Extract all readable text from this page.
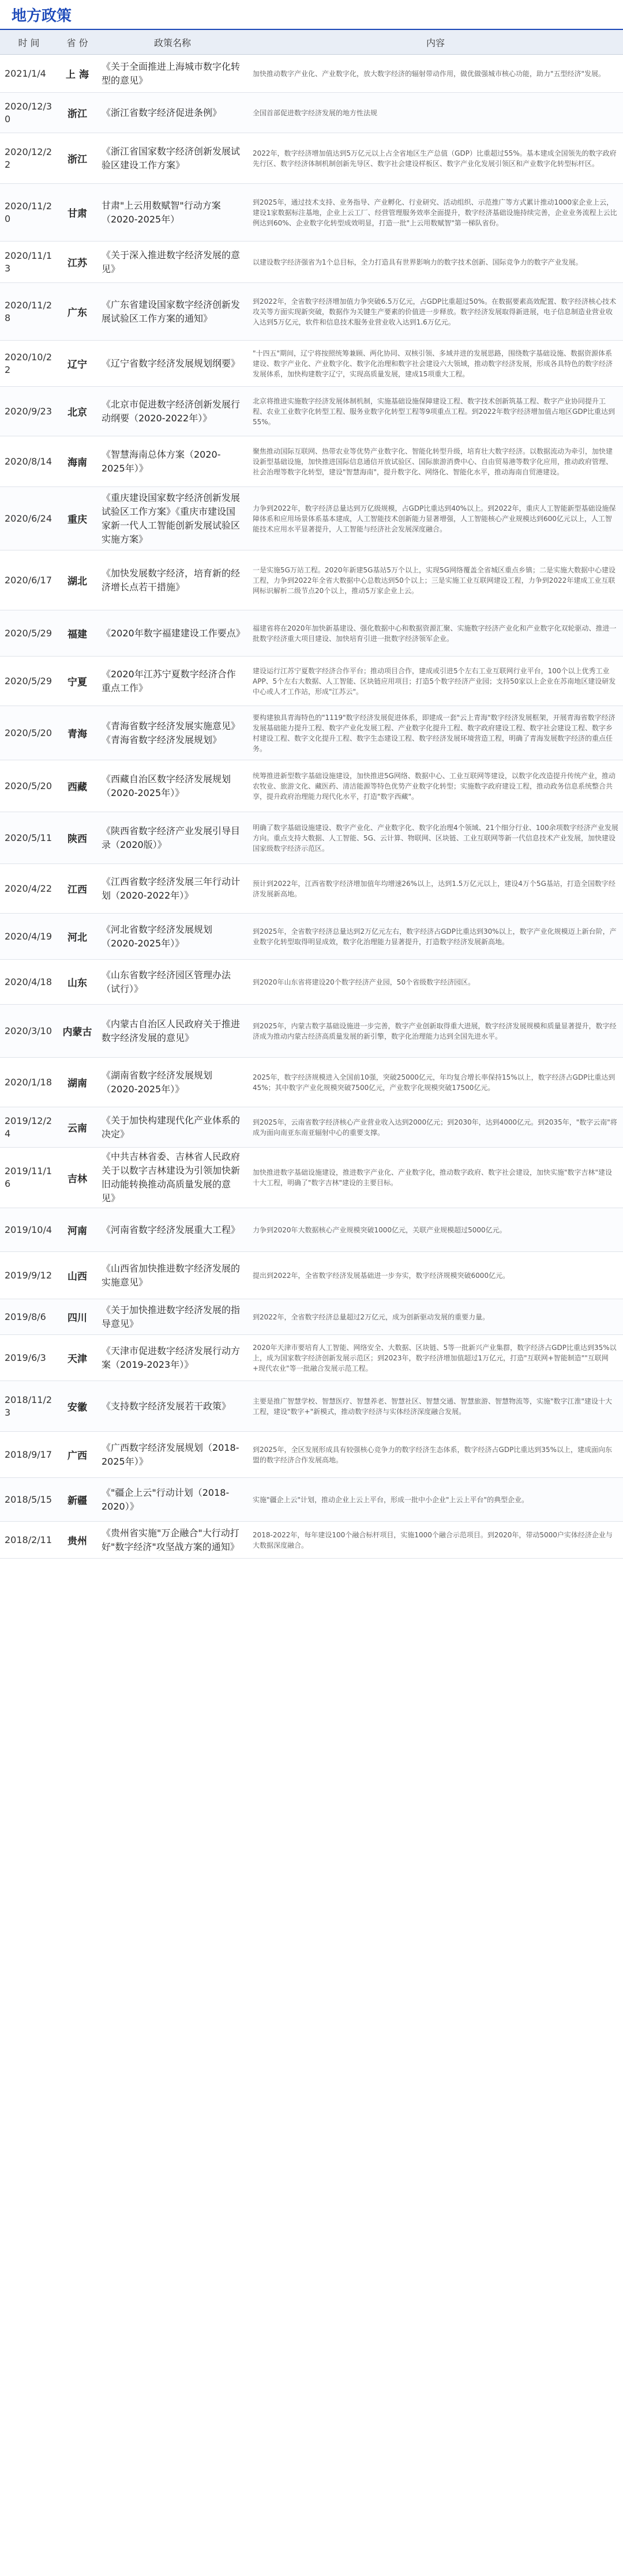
地方政策
时 间	省 份	政策名称	内容
2021/1/4	上 海	《关于全面推进上海城市数字化转型的意见》	加快推动数字产业化、产业数字化，放大数字经济的辐射带动作用，做优做强城市核心功能，助力"五型经济"发展。
2020/12/30	浙江	《浙江省数字经济促进条例》	全国首部促进数字经济发展的地方性法规
2020/12/22	浙江	《浙江省国家数字经济创新发展试验区建设工作方案》	2022年，数字经济增加值达到5万亿元以上占全省地区生产总值（GDP）比重超过55%。基本建成全国领先的数字政府先行区、数字经济体制机制创新先导区、数字社会建设样板区、数字产业化发展引领区和产业数字化转型标杆区。
2020/11/20	甘肃	甘肃"上云用数赋智"行动方案（2020-2025年）	到2025年，通过技术支持、业务指导、产业孵化、行业研究、活动组织、示范推广等方式累计推动1000家企业上云，建设1家数据标注基地，企业上云工厂、经营管理服务效率全面提升，数字经济基础设施持续完善，企业业务流程上云比例达到60%、企业数字化转型成效明显，打造一批"上云用数赋智"第一梯队省份。
2020/11/13	江苏	《关于深入推进数字经济发展的意见》	以建设数字经济强省为1个总目标，全力打造具有世界影响力的数字技术创新、国际竞争力的数字产业发展。
2020/11/28	广东	《广东省建设国家数字经济创新发展试验区工作方案的通知》	到2022年，全省数字经济增加值力争突破6.5万亿元，占GDP比重超过50%。在数据要素高效配置、数字经济核心技术攻关等方面实现新突破，数据作为关键生产要素的价值进一步释放。数字经济发展取得新进展，电子信息制造业营业收入达到5万亿元，软件和信息技术服务业营业收入达到1.6万亿元。
2020/10/22	辽宁	《辽宁省数字经济发展规划纲要》	"十四五"期间，辽宁将按照统筹兼顾、两化协同、双核引领、多域并进的发展思路，围绕数字基础设施、数据资源体系建设、数字产业化、产业数字化、数字化治理和数字社会建设六大领域，推动数字经济发展，形成各具特色的数字经济发展体系，加快构建数字辽宁，实现高质量发展，建成15项重大工程。
2020/9/23	北京	《北京市促进数字经济创新发展行动纲要（2020-2022年）》	北京将推进实施数字经济发展体制机制，实施基础设施保障建设工程、数字技术创新筑基工程、数字产业协同提升工程、农业工业数字化转型工程、服务业数字化转型工程等9项重点工程。到2022年数字经济增加值占地区GDP比重达到55%。
2020/8/14	海南	《智慧海南总体方案（2020-2025年）》	聚焦推动国际互联网、热带农业等优势产业数字化、智能化转型升级，培育壮大数字经济。以数据流动为牵引，加快建设新型基础设施，加快推进国际信息通信开放试验区、国际旅游消费中心、自由贸易港等数字化应用，推动政府管理、社会治理等数字化转型，建设"智慧海南"，提升数字化、网络化、智能化水平，推动海南自贸港建设。
2020/6/24	重庆	《重庆建设国家数字经济创新发展试验区工作方案》《重庆市建设国家新一代人工智能创新发展试验区实施方案》	力争到2022年，数字经济总量达到万亿级规模，占GDP比重达到40%以上。到2022年，重庆人工智能新型基础设施保障体系和应用场景体系基本建成，人工智能技术创新能力显著增强，人工智能核心产业规模达到600亿元以上，人工智能技术应用水平显著提升，人工智能与经济社会发展深度融合。
2020/6/17	湖北	《加快发展数字经济，培育新的经济增长点若干措施》	一是实施5G万站工程。2020年新建5G基站5万个以上，实现5G网络覆盖全省城区重点乡镇；二是实施大数据中心建设工程，力争到2022年全省大数据中心总数达到50个以上；三是实施工业互联网建设工程，力争到2022年建成工业互联网标识解析二级节点20个以上，推动5万家企业上云。
2020/5/29	福建	《2020年数字福建建设工作要点》	福建省将在2020年加快新基建设、强化数据中心和数据资源汇聚、实施数字经济产业化和产业数字化双轮驱动、推进一批数字经济重大项目建设、加快培育引进一批数字经济领军企业。
2020/5/29	宁夏	《2020年江苏宁夏数字经济合作重点工作》	建设运行江苏宁夏数字经济合作平台；推动项目合作，建成或引进5个左右工业互联网行业平台，100个以上优秀工业APP、5个左右大数据、人工智能、区块链应用项目；打造5个数字经济产业园；支持50家以上企业在苏南地区建设研发中心或人才工作站，形成"江苏云"。
2020/5/20	青海	《青海省数字经济发展实施意见》《青海省数字经济发展规划》	要构建独具青海特色的"1119"数字经济发展促进体系，即建成一套"云上青海"数字经济发展框架，开展青海省数字经济发展基础能力提升工程、数字产业化发展工程、产业数字化提升工程、数字政府建设工程、数字社会建设工程、数字乡村建设工程、数字文化提升工程、数字生态建设工程、数字经济发展环境营造工程，明确了青海发展数字经济的重点任务。
2020/5/20	西藏	《西藏自治区数字经济发展规划（2020-2025年）》	统筹推进新型数字基础设施建设，加快推进5G网络、数据中心、工业互联网等建设，以数字化改造提升传统产业，推动农牧业、旅游文化、藏医药、清洁能源等特色优势产业数字化转型；实施数字政府建设工程，推动政务信息系统整合共享，提升政府治理能力现代化水平，打造"数字西藏"。
2020/5/11	陕西	《陕西省数字经济产业发展引导目录（2020版）》	明确了数字基础设施建设、数字产业化、产业数字化、数字化治理4个领域、21个细分行业、100余项数字经济产业发展方向。重点支持大数据、人工智能、5G、云计算、物联网、区块链、工业互联网等新一代信息技术产业发展，加快建设国家级数字经济示范区。
2020/4/22	江西	《江西省数字经济发展三年行动计划（2020-2022年）》	预计到2022年，江西省数字经济增加值年均增速26%以上，达到1.5万亿元以上，建设4万个5G基站，打造全国数字经济发展新高地。
2020/4/19	河北	《河北省数字经济发展规划（2020-2025年）》	到2025年，全省数字经济总量达到2万亿元左右，数字经济占GDP比重达到30%以上，数字产业化规模迈上新台阶，产业数字化转型取得明显成效，数字化治理能力显著提升，打造数字经济发展新高地。
2020/4/18	山东	《山东省数字经济园区管理办法（试行）》	到2020年山东省将建设20个数字经济产业园，50个省级数字经济园区。
2020/3/10	内蒙古	《内蒙古自治区人民政府关于推进数字经济发展的意见》	到2025年，内蒙古数字基础设施进一步完善，数字产业创新取得重大进展，数字经济发展规模和质量显著提升，数字经济成为推动内蒙古经济高质量发展的新引擎，数字化治理能力达到全国先进水平。
2020/1/18	湖南	《湖南省数字经济发展规划（2020-2025年）》	2025年，数字经济规模进入全国前10强，突破25000亿元，年均复合增长率保持15%以上，数字经济占GDP比重达到45%；其中数字产业化规模突破7500亿元，产业数字化规模突破17500亿元。
2019/12/24	云南	《关于加快构建现代化产业体系的决定》	到2025年，云南省数字经济核心产业营业收入达到2000亿元；到2030年，达到4000亿元。到2035年，"数字云南"将成为面向南亚东南亚辐射中心的重要支撑。
2019/11/16	吉林	《中共吉林省委、吉林省人民政府关于以数字吉林建设为引领加快新旧动能转换推动高质量发展的意见》	加快推进数字基础设施建设，推进数字产业化、产业数字化，推动数字政府、数字社会建设，加快实施"数字吉林"建设十大工程，明确了"数字吉林"建设的主要目标。
2019/10/4	河南	《河南省数字经济发展重大工程》	力争到2020年大数据核心产业规模突破1000亿元，关联产业规模超过5000亿元。
2019/9/12	山西	《山西省加快推进数字经济发展的实施意见》	提出到2022年，全省数字经济发展基础进一步夯实，数字经济规模突破6000亿元。
2019/8/6	四川	《关于加快推进数字经济发展的指导意见》	到2022年，全省数字经济总量超过2万亿元，成为创新驱动发展的重要力量。
2019/6/3	天津	《天津市促进数字经济发展行动方案（2019-2023年）》	2020年天津市要培育人工智能、网络安全、大数据、区块链、5等一批新兴产业集群，数字经济占GDP比重达到35%以上，成为国家数字经济创新发展示范区；到2023年，数字经济增加值超过1万亿元，打造"互联网+智能制造""互联网+现代农业"等一批融合发展示范工程。
2018/11/23	安徽	《支持数字经济发展若干政策》	主要是推广智慧学校、智慧医疗、智慧养老、智慧社区、智慧交通、智慧旅游、智慧物流等，实施"数字江淮"建设十大工程，建设"数字+"新模式，推动数字经济与实体经济深度融合发展。
2018/9/17	广西	《广西数字经济发展规划（2018-2025年）》	到2025年，全区发展形成具有较强核心竞争力的数字经济生态体系，数字经济占GDP比重达到35%以上，建成面向东盟的数字经济合作发展高地。
2018/5/15	新疆	《"疆企上云"行动计划（2018-2020）》	实施"疆企上云"计划，推动企业上云上平台，形成一批中小企业"上云上平台"的典型企业。
2018/2/11	贵州	《贵州省实施"万企融合"大行动打好"数字经济"攻坚战方案的通知》	2018-2022年，每年建设100个融合标杆项目，实施1000个融合示范项目。到2020年，带动5000户实体经济企业与大数据深度融合。
